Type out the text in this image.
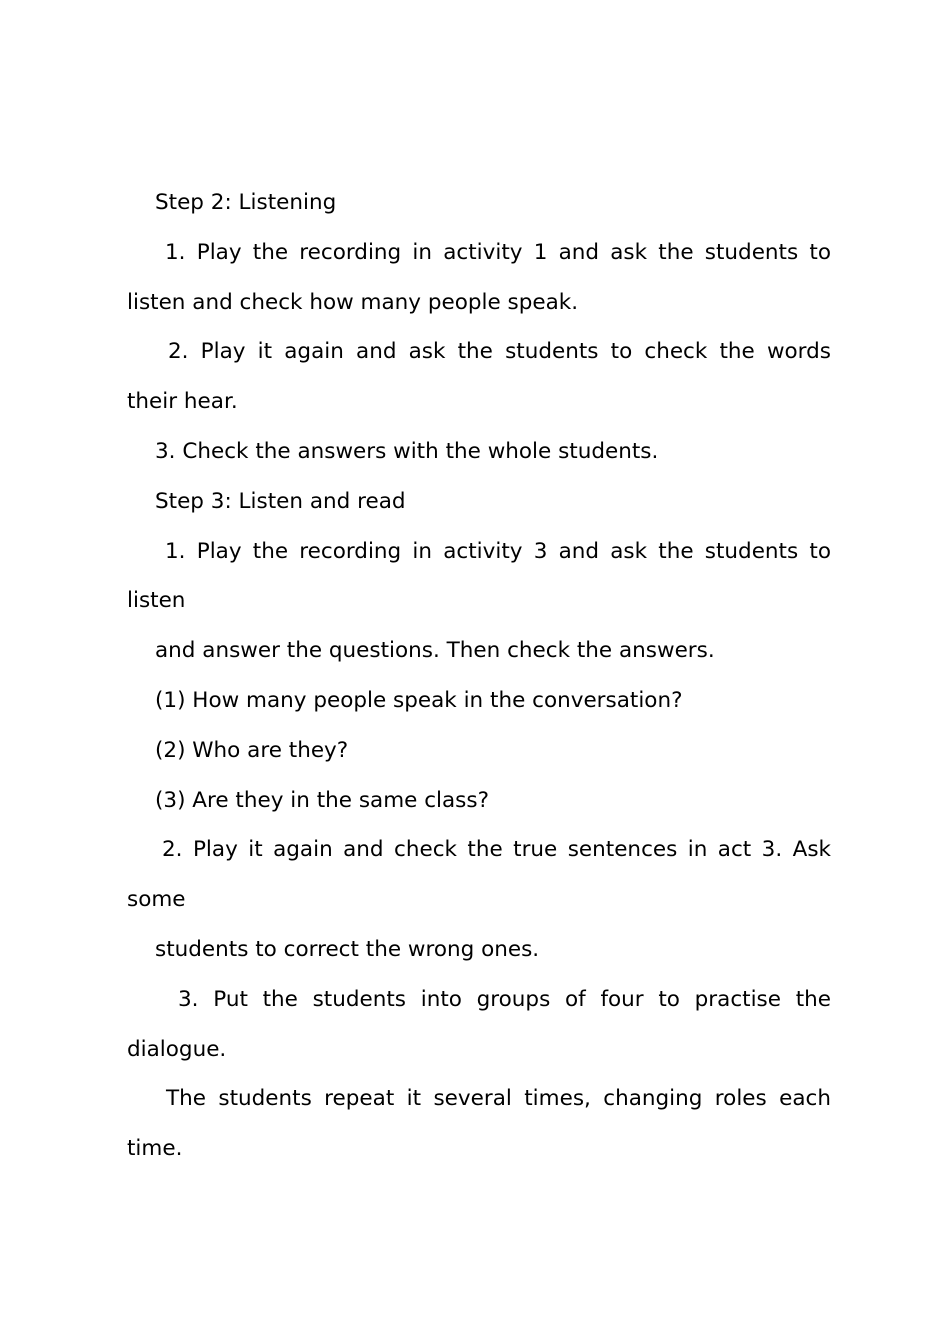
Step 2: Listening

1. Play the recording in activity 1 and ask the students to

listen and check how many people speak.

2. Play it again and ask the students to check the words

their hear.

3. Check the answers with the whole students.

Step 3: Listen and read

1. Play the recording in activity 3 and ask the students to

listen

and answer the questions. Then check the answers.

(1) How many people speak in the conversation?

(2) Who are they?

(3) Are they in the same class?

2. Play it again and check the true sentences in act 3. Ask

some

students to correct the wrong ones.

3. Put the students into groups of four to practise the

dialogue.

The students repeat it several times, changing roles each

time.
